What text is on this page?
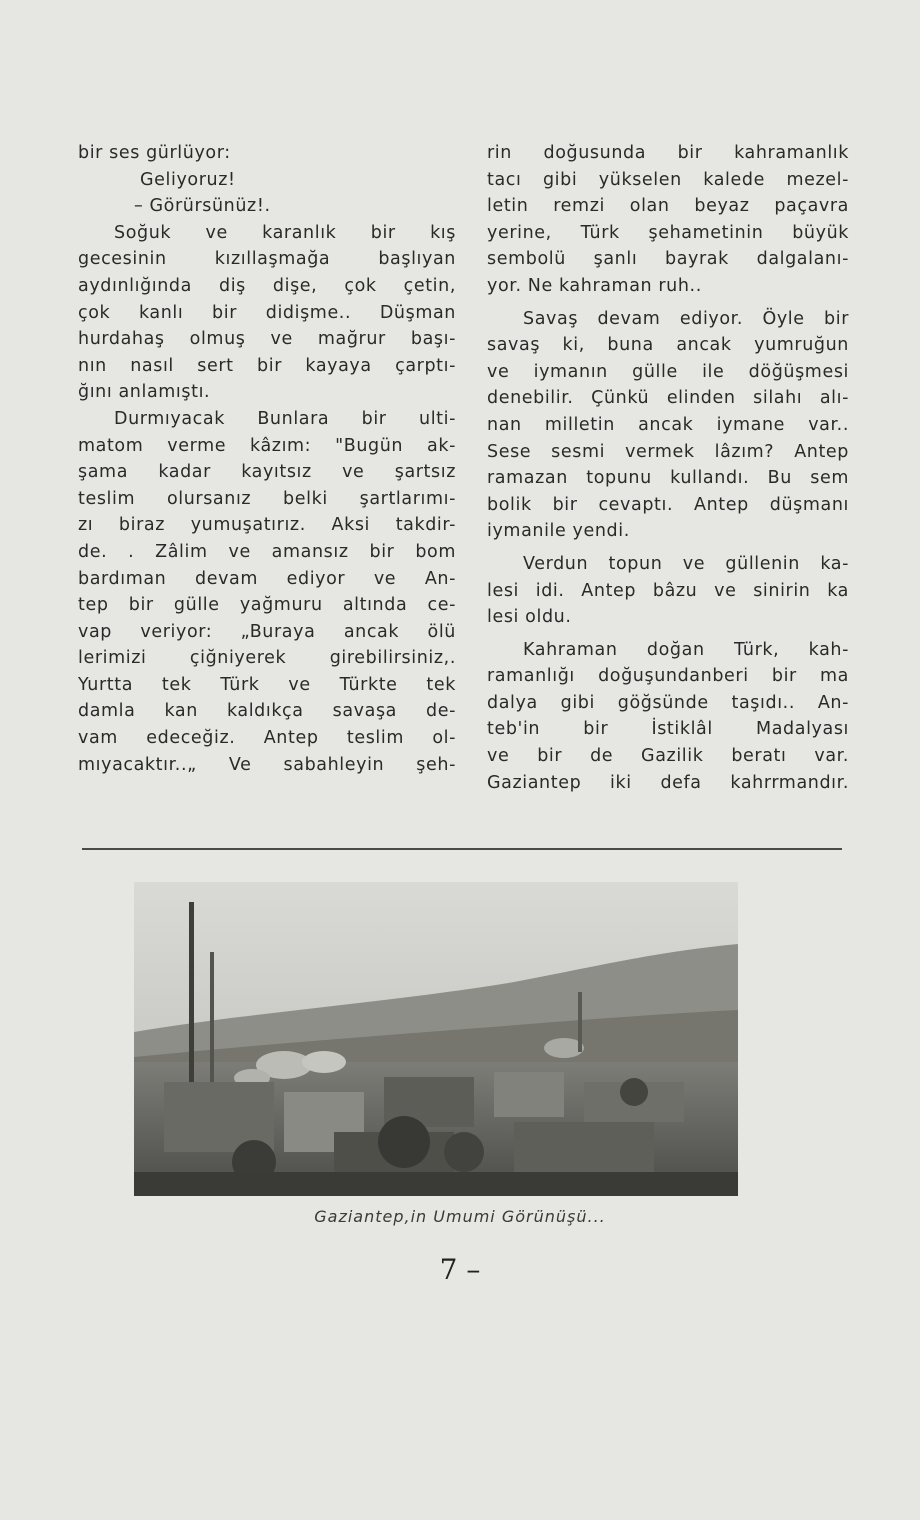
bir ses gürlüyor:
Geliyoruz!
– Görürsünüz!.
Soğuk ve karanlık bir kış
gecesinin kızıllaşmağa başlıyan
aydınlığında diş dişe, çok çetin,
çok kanlı bir didişme.. Düşman
hurdahaş olmuş ve mağrur başı-
nın nasıl sert bir kayaya çarptı-
ğını anlamıştı.
Durmıyacak Bunlara bir ulti-
matom verme kâzım: "Bugün ak-
şama kadar kayıtsız ve şartsız
teslim olursanız belki şartlarımı-
zı biraz yumuşatırız. Aksi takdir-
de. . Zâlim ve amansız bir bom
bardıman devam ediyor ve An-
tep bir gülle yağmuru altında ce-
vap veriyor: „Buraya ancak ölü
lerimizi çiğniyerek girebilirsiniz,.
Yurtta tek Türk ve Türkte tek
damla kan kaldıkça savaşa de-
vam edeceğiz. Antep teslim ol-
mıyacaktır..„ Ve sabahleyin şeh-
rin doğusunda bir kahramanlık
tacı gibi yükselen kalede mezel-
letin remzi olan beyaz paçavra
yerine, Türk şehametinin büyük
sembolü şanlı bayrak dalgalanı-
yor. Ne kahraman ruh..
Savaş devam ediyor. Öyle bir
savaş ki, buna ancak yumruğun
ve iymanın gülle ile döğüşmesi
denebilir. Çünkü elinden silahı alı-
nan milletin ancak iymane var..
Sese sesmi vermek lâzım? Antep
ramazan topunu kullandı. Bu sem
bolik bir cevaptı. Antep düşmanı
iymanile yendi.
Verdun topun ve güllenin ka-
lesi idi. Antep bâzu ve sinirin ka
lesi oldu.
Kahraman doğan Türk, kah-
ramanlığı doğuşundanberi bir ma
dalya gibi göğsünde taşıdı.. An-
teb'in bir İstiklâl Madalyası
ve bir de Gazilik beratı var.
Gaziantep iki defa kahrrmandır.
Gaziantep,in Umumi Görünüşü...
7 –
